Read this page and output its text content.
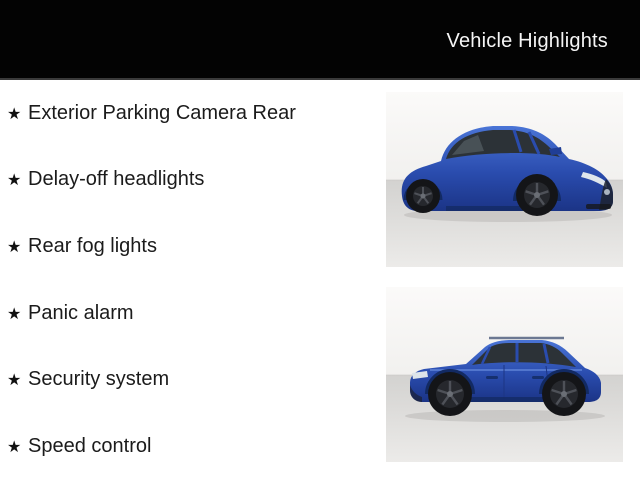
Vehicle Highlights
★ Exterior Parking Camera Rear
★ Delay-off headlights
★ Rear fog lights
★ Panic alarm
★ Security system
★ Speed control
